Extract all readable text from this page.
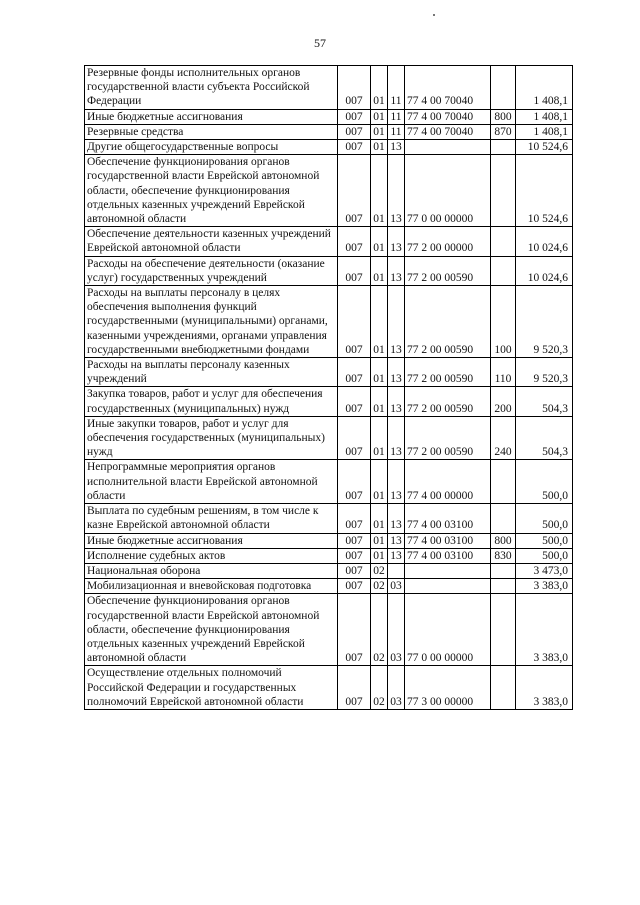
57
Резервные фонды исполнительных органов государственной власти субъекта Российской Федерации	007	01	11	77 4 00 70040		1 408,1
Иные бюджетные ассигнования	007	01	11	77 4 00 70040	800	1 408,1
Резервные средства	007	01	11	77 4 00 70040	870	1 408,1
Другие общегосударственные вопросы	007	01	13			10 524,6
Обеспечение функционирования органов государственной власти Еврейской автономной области, обеспечение функционирования отдельных казенных учреждений Еврейской автономной области	007	01	13	77 0 00 00000		10 524,6
Обеспечение деятельности казенных учреждений Еврейской автономной области	007	01	13	77 2 00 00000		10 024,6
Расходы на обеспечение деятельности (оказание услуг) государственных учреждений	007	01	13	77 2 00 00590		10 024,6
Расходы на выплаты персоналу в целях обеспечения выполнения функций государственными (муниципальными) органами, казенными учреждениями, органами управления государственными внебюджетными фондами	007	01	13	77 2 00 00590	100	9 520,3
Расходы на выплаты персоналу казенных учреждений	007	01	13	77 2 00 00590	110	9 520,3
Закупка товаров, работ и услуг для обеспечения государственных (муниципальных) нужд	007	01	13	77 2 00 00590	200	504,3
Иные закупки товаров, работ и услуг для обеспечения государственных (муниципальных) нужд	007	01	13	77 2 00 00590	240	504,3
Непрограммные мероприятия органов исполнительной власти Еврейской автономной области	007	01	13	77 4 00 00000		500,0
Выплата по судебным решениям, в том числе к казне Еврейской автономной области	007	01	13	77 4 00 03100		500,0
Иные бюджетные ассигнования	007	01	13	77 4 00 03100	800	500,0
Исполнение судебных актов	007	01	13	77 4 00 03100	830	500,0
Национальная оборона	007	02				3 473,0
Мобилизационная и вневойсковая подготовка	007	02	03			3 383,0
Обеспечение функционирования органов государственной власти Еврейской автономной области, обеспечение функционирования отдельных казенных учреждений Еврейской автономной области	007	02	03	77 0 00 00000		3 383,0
Осуществление отдельных полномочий Российской Федерации и государственных полномочий Еврейской автономной области	007	02	03	77 3 00 00000		3 383,0
